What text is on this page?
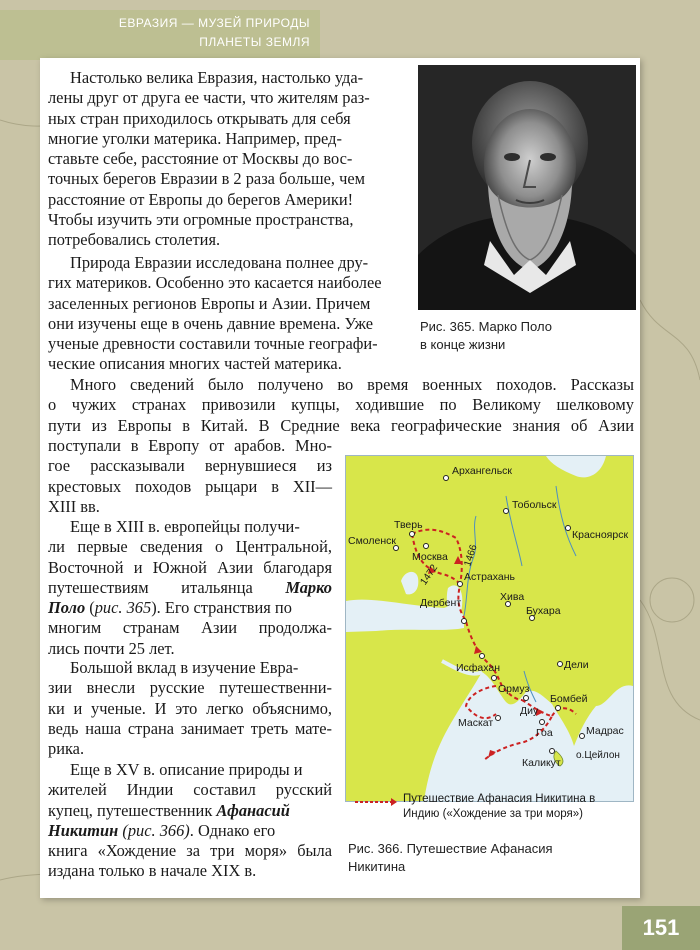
ЕВРАЗИЯ — МУЗЕЙ ПРИРОДЫ
ПЛАНЕТЫ ЗЕМЛЯ
Настолько велика Евразия, настолько уда-
лены друг от друга ее части, что жителям раз-
ных стран приходилось открывать для себя
многие уголки материка. Например, пред-
ставьте себе, расстояние от Москвы до вос-
точных берегов Евразии в 2 раза больше, чем
расстояние от Европы до берегов Америки!
Чтобы изучить эти огромные пространства,
потребовались столетия.
Природа Евразии исследована полнее дру-
гих материков. Особенно это касается наиболее
заселенных регионов Европы и Азии. Причем
они изучены еще в очень давние времена. Уже
ученые древности составили точные географи-
ческие описания многих частей материка.
Рис. 365. Марко Поло
в конце жизни
Много сведений было получено во время военных походов. Рассказы
о чужих странах привозили купцы, ходившие по Великому шелковому
пути из Европы в Китай. В Средние века географические знания об Азии
поступали в Европу от арабов. Мно-
гое рассказывали вернувшиеся из
крестовых походов рыцари в XII—
XIII вв.
Еще в XIII в. европейцы получи-
ли первые сведения о Центральной,
Восточной и Южной Азии благодаря
путешествиям итальянца Марко
Поло (рис. 365). Его странствия по
многим странам Азии продолжа-
лись почти 25 лет.
Большой вклад в изучение Евра-
зии внесли русские путешественни-
ки и ученые. И это легко объяснимо,
ведь наша страна занимает треть мате-
рика.
Еще в XV в. описание природы и
жителей Индии составил русский
купец, путешественник Афанасий
Никитин (рис. 366). Однако его
книга «Хождение за три моря» была
издана только в начале XIX в.
Архангельск
Тверь
Тобольск
Смоленск
Москва
Красноярск
Астрахань
Дербент	Хива
Бухара
Исфахан
Ормуз
Дели
Маскат
Бомбей
Диу
Гоа	Мадрас
Каликут
о.Цейлон
1466
1472
Путешествие Афанасия Никитина в
Индию («Хождение за три моря»)
Рис. 366. Путешествие Афанасия
Никитина
151
